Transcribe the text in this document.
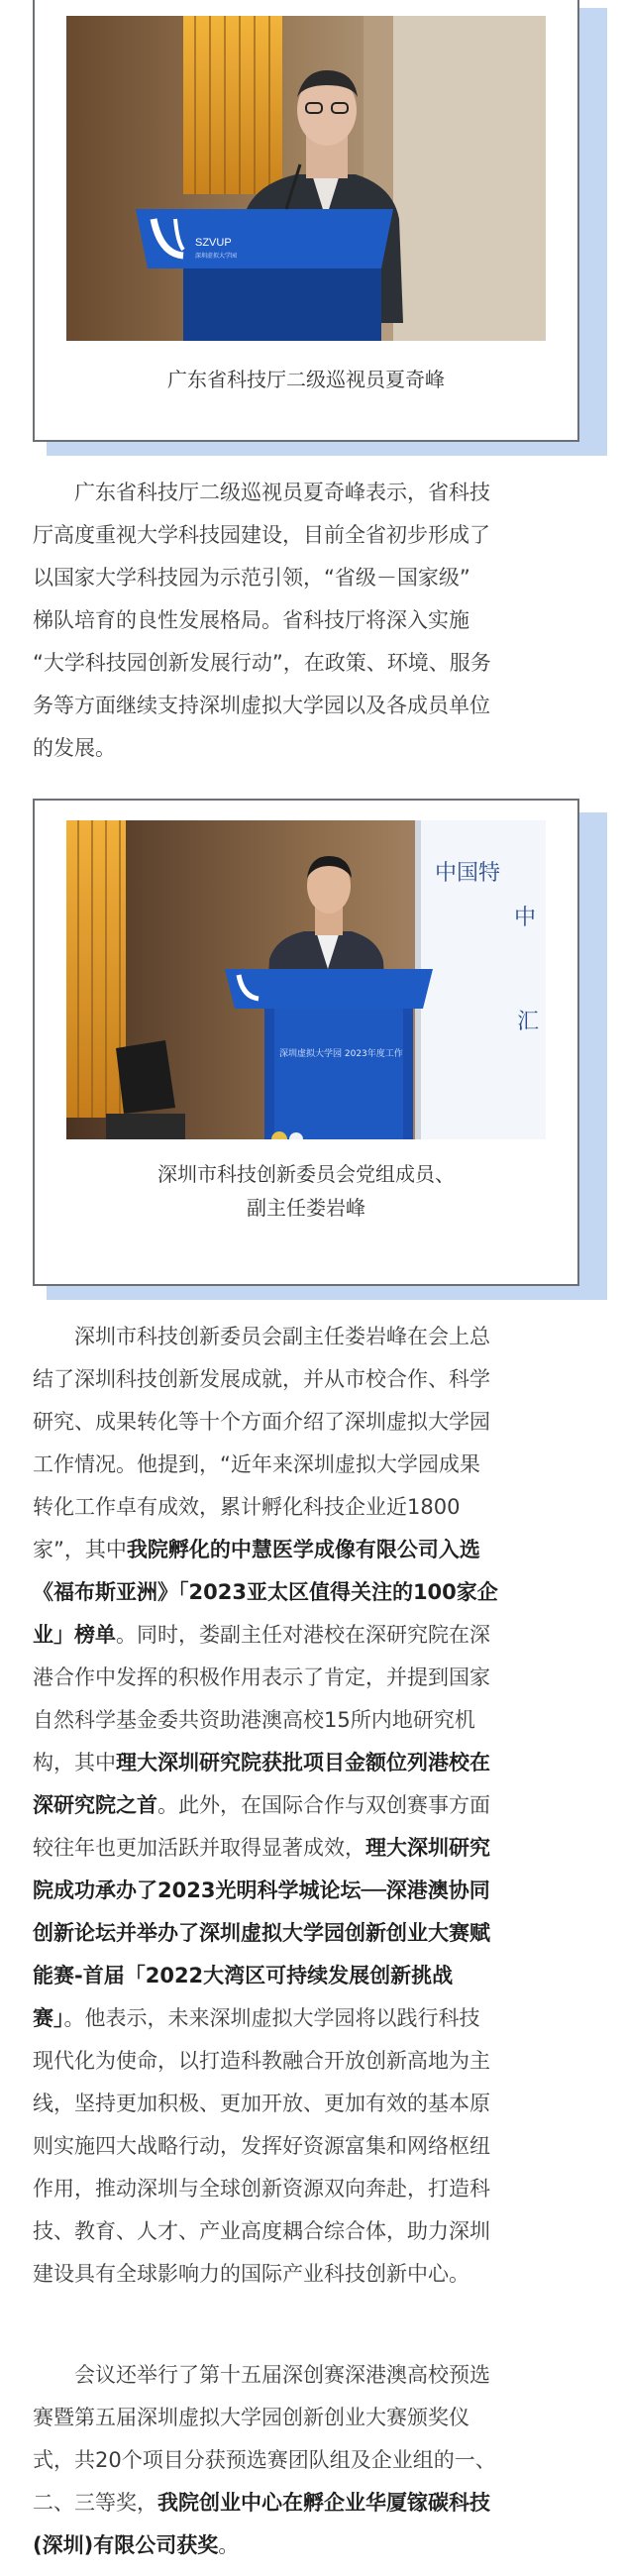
SZVUP
深圳虚拟大学园
广东省科技厅二级巡视员夏奇峰
广东省科技厅二级巡视员夏奇峰表示，省科技
厅高度重视大学科技园建设，目前全省初步形成了
以国家大学科技园为示范引领，“省级－国家级”
梯队培育的良性发展格局。省科技厅将深入实施
“大学科技园创新发展行动”，在政策、环境、服务
务等方面继续支持深圳虚拟大学园以及各成员单位
的发展。
中国特
中
汇
深圳虚拟大学园 2023年度工作
深圳市科技创新委员会党组成员、
副主任娄岩峰
深圳市科技创新委员会副主任娄岩峰在会上总
结了深圳科技创新发展成就，并从市校合作、科学
研究、成果转化等十个方面介绍了深圳虚拟大学园
工作情况。他提到，“近年来深圳虚拟大学园成果
转化工作卓有成效，累计孵化科技企业近1800
家”，其中我院孵化的中慧医学成像有限公司入选
《福布斯亚洲》「2023亚太区值得关注的100家企
业」榜单。同时，娄副主任对港校在深研究院在深
港合作中发挥的积极作用表示了肯定，并提到国家
自然科学基金委共资助港澳高校15所内地研究机
构，其中理大深圳研究院获批项目金额位列港校在
深研究院之首。此外，在国际合作与双创赛事方面
较往年也更加活跃并取得显著成效，理大深圳研究
院成功承办了2023光明科学城论坛──深港澳协同
创新论坛并举办了深圳虚拟大学园创新创业大赛赋
能赛-首届「2022大湾区可持续发展创新挑战
赛」。他表示，未来深圳虚拟大学园将以践行科技
现代化为使命，以打造科教融合开放创新高地为主
线，坚持更加积极、更加开放、更加有效的基本原
则实施四大战略行动，发挥好资源富集和网络枢纽
作用，推动深圳与全球创新资源双向奔赴，打造科
技、教育、人才、产业高度耦合综合体，助力深圳
建设具有全球影响力的国际产业科技创新中心。
会议还举行了第十五届深创赛深港澳高校预选
赛暨第五届深圳虚拟大学园创新创业大赛颁奖仪
式，共20个项目分获预选赛团队组及企业组的一、
二、三等奖，我院创业中心在孵企业华厦镓碳科技
(深圳)有限公司获奖。
